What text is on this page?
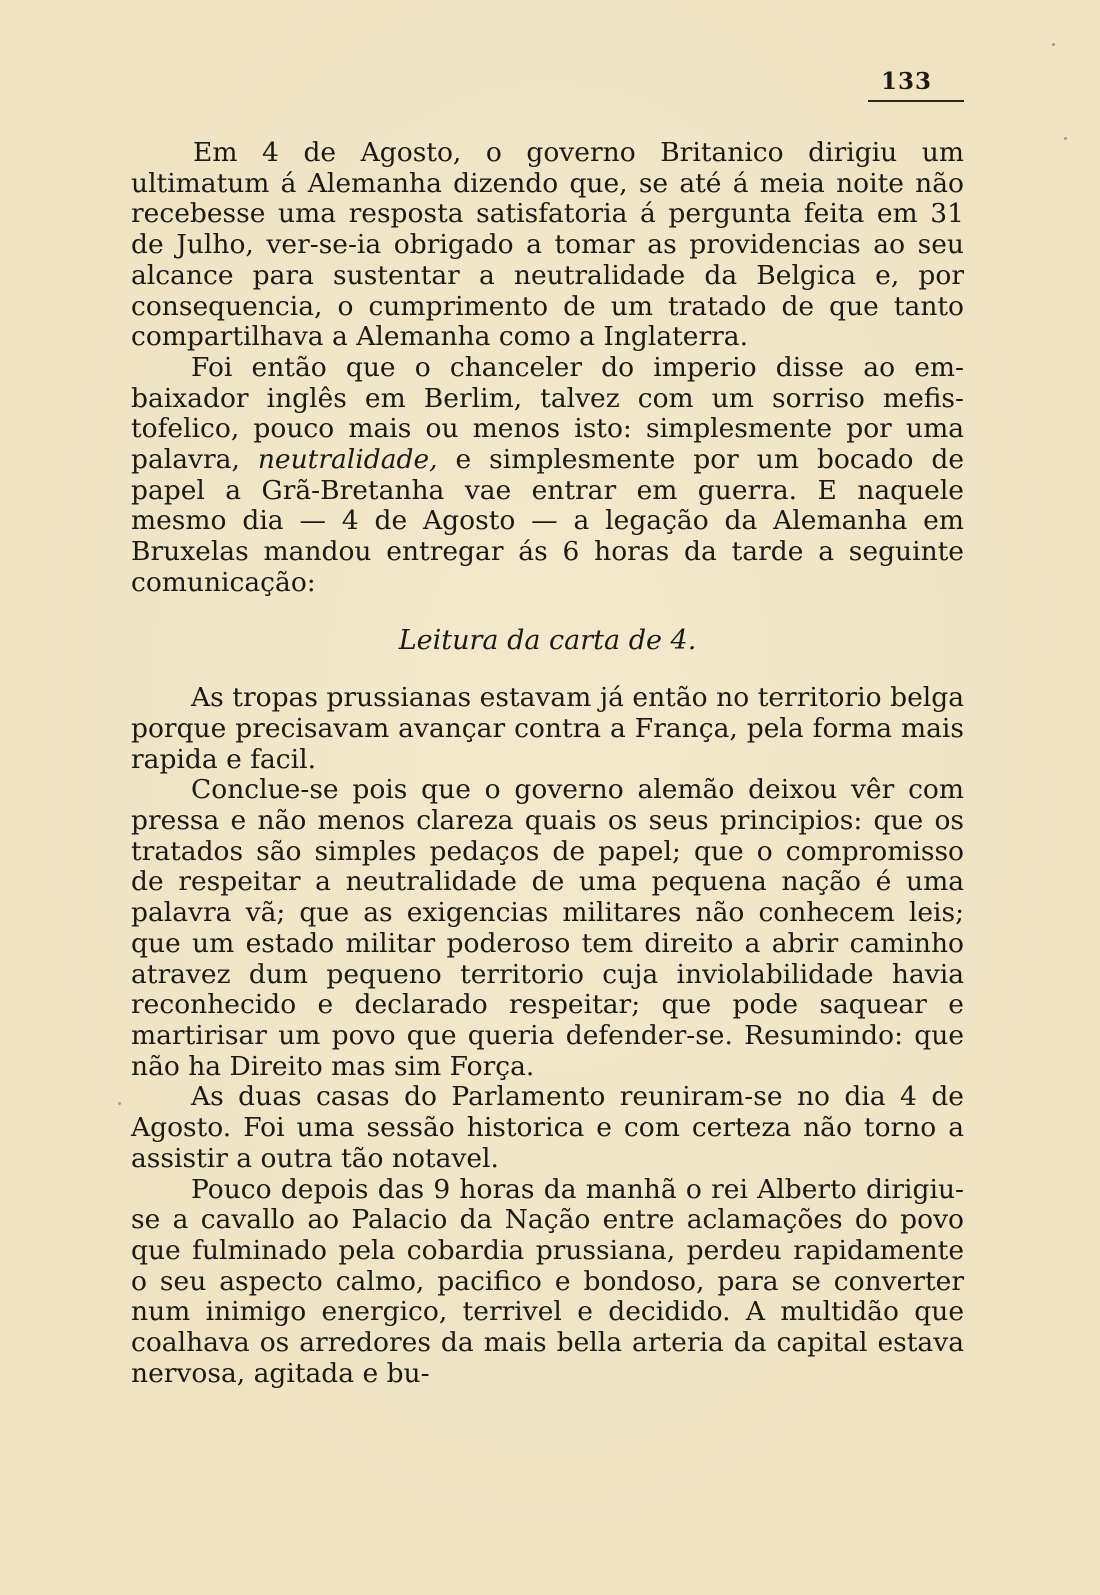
133

Em 4 de Agosto, o governo Britanico dirigiu um ultimatum á Alemanha dizendo que, se até á meia noite não recebesse uma resposta satisfatoria á pergunta feita em 31 de Julho, ver-se-ia obrigado a tomar as providencias ao seu alcance para sustentar a neutralidade da Belgica e, por consequencia, o cumprimento de um tratado de que tanto compartilhava a Alemanha como a Inglaterra.

Foi então que o chanceler do imperio disse ao embaixador inglês em Berlim, talvez com um sorriso mefistofelico, pouco mais ou menos isto: simplesmente por uma palavra, neutralidade, e simplesmente por um bocado de papel a Grã-Bretanha vae entrar em guerra. E naquele mesmo dia — 4 de Agosto — a legação da Alemanha em Bruxelas mandou entregar ás 6 horas da tarde a seguinte comunicação:

Leitura da carta de 4.

As tropas prussianas estavam já então no territorio belga porque precisavam avançar contra a França, pela forma mais rapida e facil.

Conclue-se pois que o governo alemão deixou vêr com pressa e não menos clareza quais os seus principios: que os tratados são simples pedaços de papel; que o compromisso de respeitar a neutralidade de uma pequena nação é uma palavra vã; que as exigencias militares não conhecem leis; que um estado militar poderoso tem direito a abrir caminho atravez dum pequeno territorio cuja inviolabilidade havia reconhecido e declarado respeitar; que pode saquear e martirisar um povo que queria defender-se. Resumindo: que não ha Direito mas sim Força.

As duas casas do Parlamento reuniram-se no dia 4 de Agosto. Foi uma sessão historica e com certeza não torno a assistir a outra tão notavel.

Pouco depois das 9 horas da manhã o rei Alberto dirigiu-se a cavallo ao Palacio da Nação entre aclamações do povo que fulminado pela cobardia prussiana, perdeu rapidamente o seu aspecto calmo, pacifico e bondoso, para se converter num inimigo energico, terrivel e decidido. A multidão que coalhava os arredores da mais bella arteria da capital estava nervosa, agitada e bu-
